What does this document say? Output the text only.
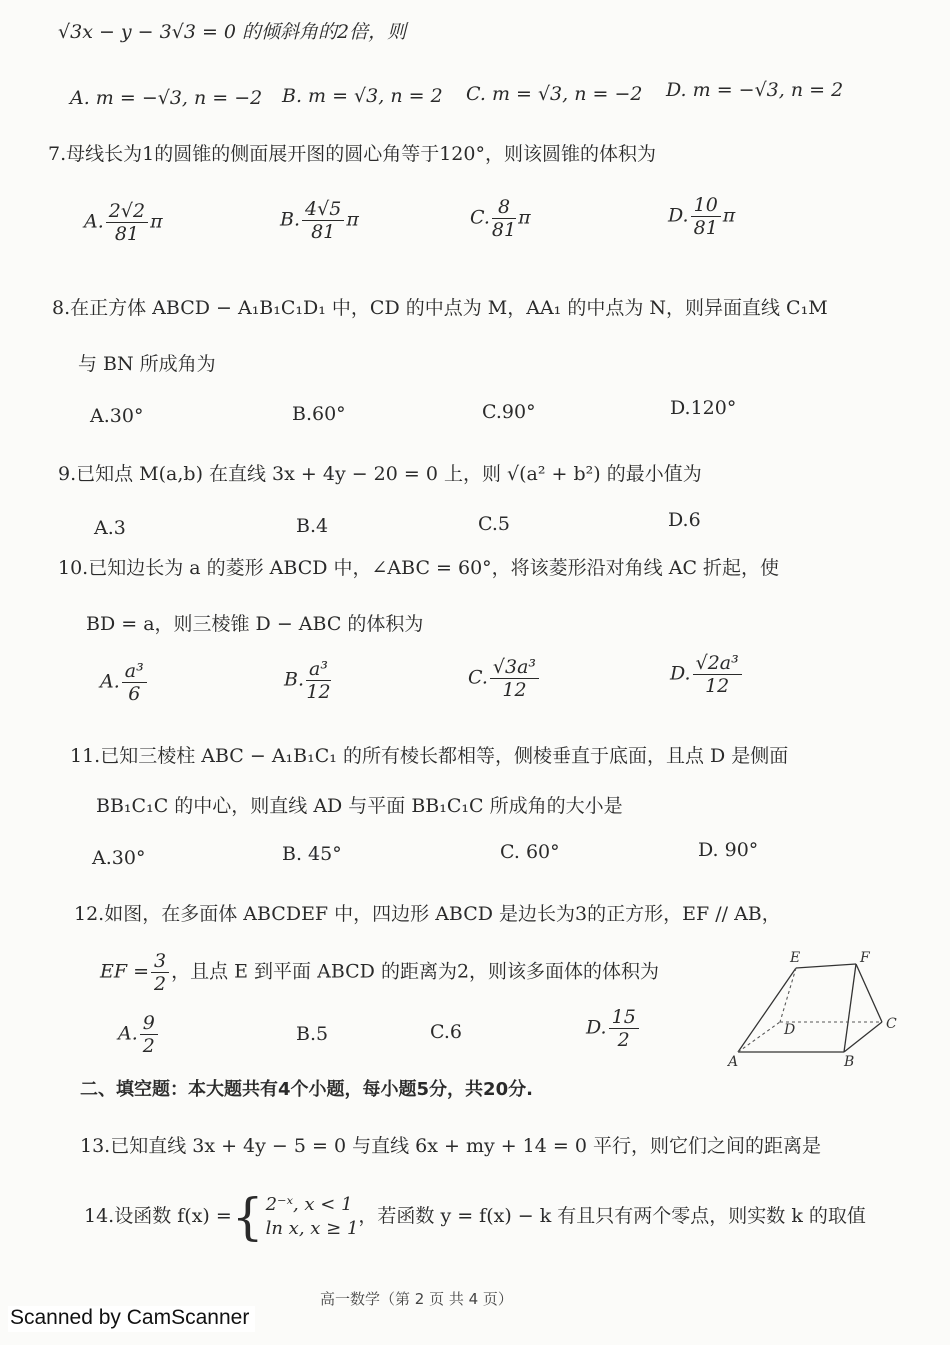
√3x − y − 3√3 = 0 的倾斜角的2倍，则
A. m = −√3, n = −2 B. m = √3, n = 2 C. m = √3, n = −2 D. m = −√3, n = 2
7.母线长为1的圆锥的侧面展开图的圆心角等于120°，则该圆锥的体积为
A. $\frac{2√2}{81}$ π	B. $\frac{4√5}{81}$ π	C. $\frac{8}{81}$ π	D. $\frac{10}{81}$ π
8.在正方体 ABCD − A₁B₁C₁D₁ 中，CD 的中点为 M，AA₁ 的中点为 N，则异面直线 C₁M
与 BN 所成角为
A.30°	B.60°	C.90°	D.120°
9.已知点 M(a,b) 在直线 3x + 4y − 20 = 0 上，则 √(a² + b²) 的最小值为
A.3	B.4	C.5	D.6
10.已知边长为 a 的菱形 ABCD 中，∠ABC = 60°，将该菱形沿对角线 AC 折起，使
BD = a，则三棱锥 D − ABC 的体积为
A. $\frac{\text{a³}}{6}$	B. $\frac{\text{a³}}{12}$	C. $\frac{\text{√3a³}}{12}$	D. $\frac{\text{√2a³}}{12}$
11.已知三棱柱 ABC − A₁B₁C₁ 的所有棱长都相等，侧棱垂直于底面，且点 D 是侧面
BB₁C₁C 的中心，则直线 AD 与平面 BB₁C₁C 所成角的大小是
A.30°	B. 45°	C. 60°	D. 90°
12.如图，在多面体 ABCDEF 中，四边形 ABCD 是边长为3的正方形，EF // AB，
EF = $\frac{3}{2}$ ，且点 E 到平面 ABCD 的距离为2，则该多面体的体积为
A. $\frac{9}{2}$	B.5	C.6	D. $\frac{15}{2}$
E	F
D	C
A	B
二、填空题：本大题共有4个小题，每小题5分，共20分.
13.已知直线 3x + 4y − 5 = 0 与直线 6x + my + 14 = 0 平行，则它们之间的距离是
14.设函数 f(x) ={ 2⁻ˣ, x < 1
ln x, x ≥ 1
，若函数 y = f(x) − k 有且只有两个零点，则实数 k 的取值
高一数学（第 2 页 共 4 页）
Scanned by CamScanner
